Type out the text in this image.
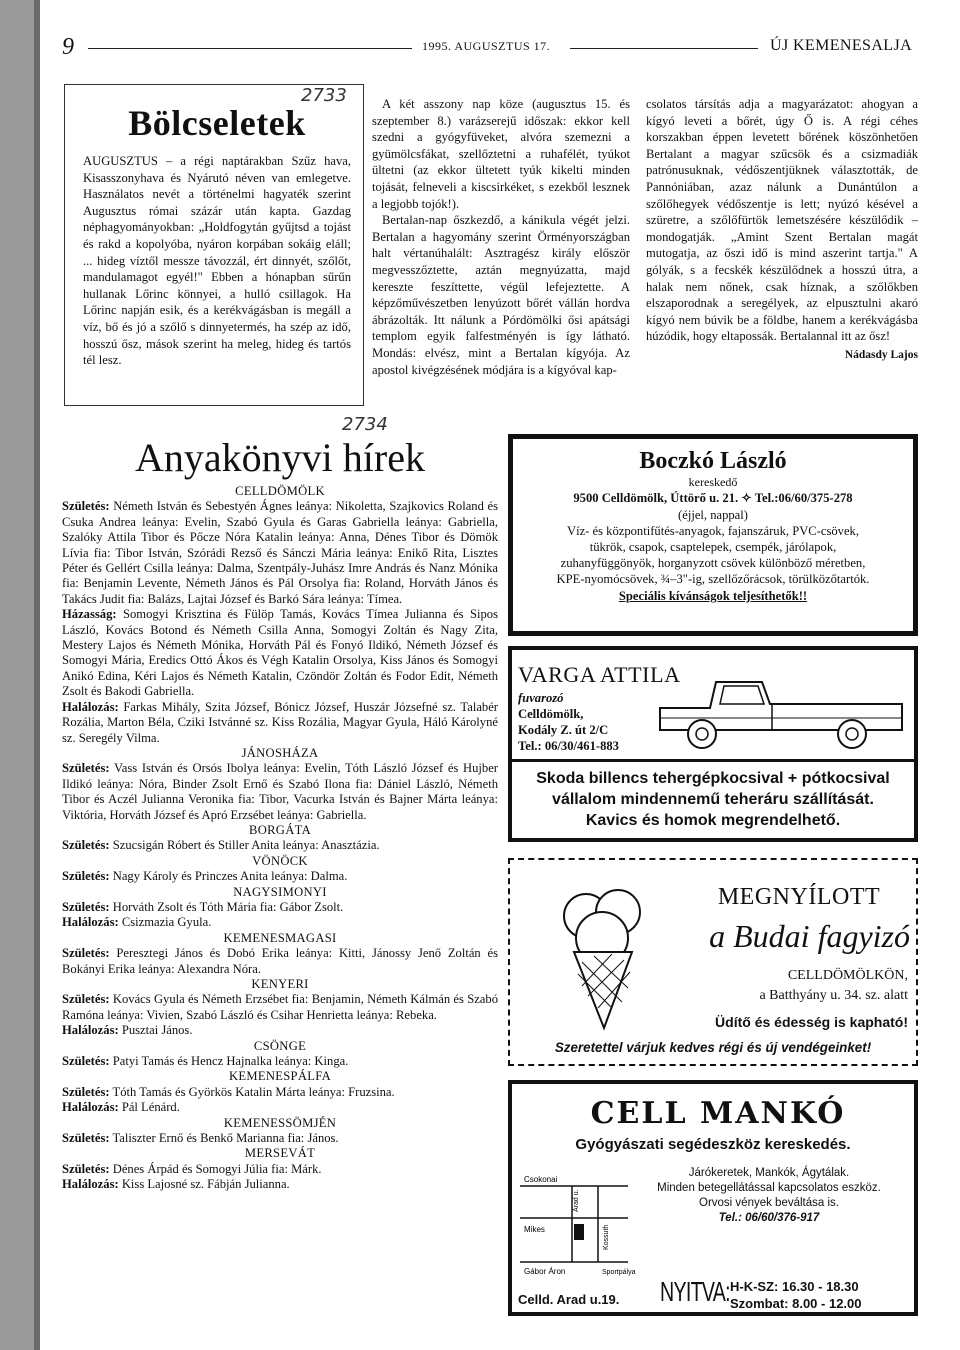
9	1995. AUGUSZTUS 17.	ÚJ KEMENESALJA
2733
Bölcseletek

AUGUSZTUS – a régi naptárakban Szűz hava, Kisasszonyhava és Nyárutó néven van emlegetve. Használatos nevét a történelmi hagyaték szerint Augusztus római százár után kapta. Gazdag néphagyományokban: „Holdfogytán gyűjtsd a tojást és rakd a kopolyóba, nyáron korpában sokáig eláll; ... hideg víztől messze távozzál, ért dinnyét, szőlőt, mandulamagot egyél!" Ebben a hónapban sűrűn hullanak Lőrinc könnyei, a hulló csillagok. Ha Lőrinc napján esik, és a kerékvágásban is megáll a víz, bő és jó a szőlő s dinnyetermés, ha szép az idő, hosszú ősz, mások szerint ha meleg, hideg és tartós tél lesz.

A két asszony nap köze (augusztus 15. és szeptember 8.) varázserejű időszak: ekkor kell szedni a gyógyfüveket, alvóra szemezni a gyümölcsfákat, szellőztetni a ruhafélét, tyúkot ültetni (az ekkor ültetett tyúk kikelti minden tojását, felneveli a kiscsirkéket, s ezekből lesznek a legjobb tojók!).

Bertalan-nap őszkezdő, a kánikula végét jelzi. Bertalan a hagyomány szerint Örményországban halt vértanúhalált: Asztragész király először megvesszőztette, aztán megnyúzatta, majd kereszte feszíttette, végül lefejeztette. A képzőművészetben lenyúzott bőrét vállán hordva ábrázolták. Itt nálunk a Pórdömölki ősi apátsági templom egyik falfestményén is így látható. Mondás: elvész, mint a Bertalan kígyója. Az apostol kivégzésének módjára is a kígyóval kap-

csolatos társítás adja a magyarázatot: ahogyan a kígyó leveti a bőrét, úgy Ő is. A régi céhes korszakban éppen levetett bőrének köszönhetően Bertalant a magyar szűcsök és a csizmadiák patrónusuknak, védőszentjüknek választották, de Pannóniában, azaz nálunk a Dunántúlon a szőlőhegyek védőszentje is lett; nyúzó késével a szüretre, a szőlőfürtök lemetszésére készülődik – mondogatják. „Amint Szent Bertalan magát mutogatja, az őszi idő is mind aszerint tartja." A gólyák, s a fecskék készülődnek a hosszú útra, a halak nem nőnek, csak híznak, a szőlőkben elszaporodnak a seregélyek, az elpusztulni akaró kígyó nem búvik be a földbe, hanem a kerékvágásba húzódik, hogy eltapossák. Bertalannal itt az ősz!

Nádasdy Lajos
2734
Anyakönyvi hírek

CELLDÖMÖLK

Születés: Németh István és Sebestyén Ágnes leánya: Nikoletta, Szajkovics Roland és Csuka Andrea leánya: Evelin, Szabó Gyula és Garas Gabriella leánya: Gabriella, Szalóky Attila Tibor és Pőcze Nóra Katalin leánya: Anna, Dénes Tibor és Dömök Lívia fia: Tibor István, Szórádi Rezső és Sánczi Mária leánya: Enikő Rita, Lisztes Péter és Gellért Csilla leánya: Dalma, Szentpály-Juhász Imre András és Nanz Mónika fia: Benjamin Levente, Németh János és Pál Orsolya fia: Roland, Horváth János és Takács Judit fia: Balázs, Lajtai József és Barkó Sára leánya: Tímea.

Házasság: Somogyi Krisztina és Fülöp Tamás, Kovács Tímea Julianna és Sipos László, Kovács Botond és Németh Csilla Anna, Somogyi Zoltán és Nagy Zita, Mestery Lajos és Németh Mónika, Horváth Pál és Fonyó Ildikó, Németh József és Somogyi Mária, Eredics Ottó Ákos és Végh Katalin Orsolya, Kiss János és Somogyi Anikó Edina, Kéri Lajos és Németh Katalin, Czöndör Zoltán és Fodor Edit, Németh Zsolt és Bakodi Gabriella.

Halálozás: Farkas Mihály, Szita József, Bónicz József, Huszár Józsefné sz. Talabér Rozália, Marton Béla, Cziki Istvánné sz. Kiss Rozália, Magyar Gyula, Háló Károlyné sz. Seregély Vilma.

JÁNOSHÁZA

Születés: Vass István és Orsós Ibolya leánya: Evelin, Tóth László József és Hujber Ildikó leánya: Nóra, Binder Zsolt Ernő és Szabó Ilona fia: Dániel László, Németh Tibor és Aczél Julianna Veronika fia: Tibor, Vacurka István és Bajner Márta leánya: Viktória, Horváth József és Apró Erzsébet leánya: Gabriella.

BORGÁTA

Születés: Szucsigán Róbert és Stiller Anita leánya: Anasztázia.

VÖNÖCK

Születés: Nagy Károly és Princzes Anita leánya: Dalma.

NAGYSIMONYI

Születés: Horváth Zsolt és Tóth Mária fia: Gábor Zsolt.

Halálozás: Csizmazia Gyula.

KEMENESMAGASI

Születés: Peresztegi János és Dobó Erika leánya: Kitti, Jánossy Jenő Zoltán és Bokányi Erika leánya: Alexandra Nóra.

KENYERI

Születés: Kovács Gyula és Németh Erzsébet fia: Benjamin, Németh Kálmán és Szabó Ramóna leánya: Vivien, Szabó László és Csihar Henrietta leánya: Rebeka.

Halálozás: Pusztai János.

CSÖNGE

Születés: Patyi Tamás és Hencz Hajnalka leánya: Kinga.

KEMENESPÁLFA

Születés: Tóth Tamás és Györkös Katalin Márta leánya: Fruzsina.

Halálozás: Pál Lénárd.

KEMENESSÖMJÉN

Születés: Taliszter Ernő és Benkő Marianna fia: János.

MERSEVÁT

Születés: Dénes Árpád és Somogyi Júlia fia: Márk.

Halálozás: Kiss Lajosné sz. Fábján Julianna.

Boczkó László
kereskedő
9500 Celldömölk, Úttörő u. 21. ✧ Tel.:06/60/375-278
(éjjel, nappal)
Víz- és központifűtés-anyagok, fajanszáruk, PVC-csövek,
tükrök, csapok, csaptelepek, csempék, járólapok,
zuhanyfüggönyök, horganyzott csövek különböző méretben,
KPE-nyomócsövek, ¾–3"-ig, szellőzőrácsok, törülközőtartók.
Speciális kívánságok teljesíthetők!!
VARGA ATTILA
fuvarozó
Celldömölk,
Kodály Z. út 2/C
Tel.: 06/30/461-883
Skoda billencs tehergépkocsival + pótkocsival
vállalom mindennemű teheráru szállítását.
Kavics és homok megrendelhető.
MEGNYÍLOTT
a Budai fagyizó
CELLDÖMÖLKÖN,
a Batthyány u. 34. sz. alatt
Üdítő és édesség is kapható!
Szeretettel várjuk kedves régi és új vendégeinket!
CELL MANKÓ
Gyógyászati segédeszköz kereskedés.
Csokonai
Arad u.
Mikes	Kossuth
Gábor Áron	Sportpálya
Járókeretek, Mankók, Ágytálak.
Minden betegellátással kapcsolatos eszköz.
Orvosi vények beváltása is.
Tel.: 06/60/376-917
Celld. Arad u.19. NYITVA: H-K-SZ: 16.30 - 18.30
Szombat: 8.00 - 12.00
